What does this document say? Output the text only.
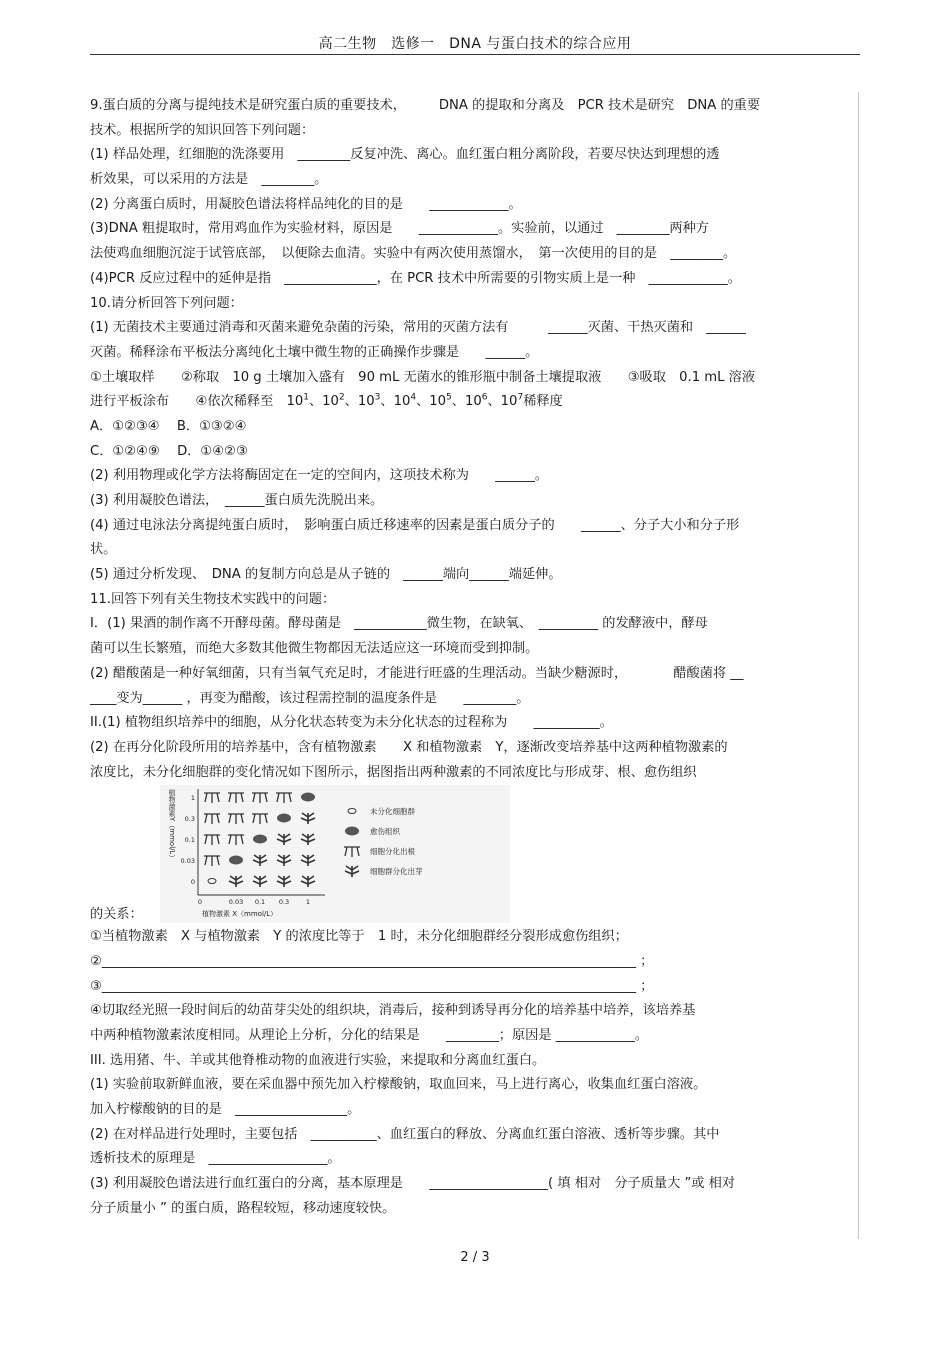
高二生物　选修一　DNA 与蛋白技术的综合应用
9.蛋白质的分离与提纯技术是研究蛋白质的重要技术，　　　DNA 的提取和分离及　PCR 技术是研究　DNA 的重要
技术。根据所学的知识回答下列问题：
(1) 样品处理，红细胞的洗涤要用　________反复冲洗、离心。血红蛋白粗分离阶段，若要尽快达到理想的透
析效果，可以采用的方法是　________。
(2) 分离蛋白质时，用凝胶色谱法将样品纯化的目的是　　____________。
(3)DNA 粗提取时，常用鸡血作为实验材料，原因是　　____________。实验前，以通过　________两种方
法使鸡血细胞沉淀于试管底部，　以便除去血清。实验中有两次使用蒸馏水，　第一次使用的目的是　________。
(4)PCR 反应过程中的延伸是指　______________，在 PCR 技术中所需要的引物实质上是一种　____________。
10.请分析回答下列问题：
(1) 无菌技术主要通过消毒和灭菌来避免杂菌的污染，常用的灭菌方法有　　　______灭菌、干热灭菌和　______
灭菌。稀释涂布平板法分离纯化土壤中微生物的正确操作步骤是　　______。
①土壤取样　　②称取　10 g 土壤加入盛有　90 mL 无菌水的锥形瓶中制备土壤提取液　　③吸取　0.1 mL 溶液
进行平板涂布　　④依次稀释至　$10^1$、$10^2$、$10^3$、$10^4$、$10^5$、$10^6$、$10^7$稀释度
A．①②③④　 B．①③②④
C．①②④⑨　 D．①④②③
(2) 利用物理或化学方法将酶固定在一定的空间内，这项技术称为　　______。
(3) 利用凝胶色谱法，　______蛋白质先洗脱出来。
(4) 通过电泳法分离提纯蛋白质时，　影响蛋白质迁移速率的因素是蛋白质分子的　　______、分子大小和分子形
状。
(5) 通过分析发现、　DNA 的复制方向总是从子链的　______端向______端延伸。
11.回答下列有关生物技术实践中的问题：
I．(1) 果酒的制作离不开酵母菌。酵母菌是　___________微生物，在缺氧、　_________ 的发酵液中，酵母
菌可以生长繁殖，而绝大多数其他微生物都因无法适应这一环境而受到抑制。
(2) 醋酸菌是一种好氧细菌，只有当氧气充足时，才能进行旺盛的生理活动。当缺少糖源时，　　　　醋酸菌将 __
____变为______ ，再变为醋酸，该过程需控制的温度条件是　　________。
II.(1) 植物组织培养中的细胞，从分化状态转变为未分化状态的过程称为　　__________。
(2) 在再分化阶段所用的培养基中，含有植物激素　　X 和植物激素　Y，逐渐改变培养基中这两种植物激素的
浓度比，未分化细胞群的变化情况如下图所示，据图指出两种激素的不同浓度比与形成芽、根、愈伤组织
的关系：
植物激素Y（mmol/L） 1
0.3
0.1
0.03
0
0	0.03 0.1 0.3	1
植物激素 X（mmol/L）
未分化细胞群
愈伤组织
细胞分化出根
细胞群分化出芽
①当植物激素　X 与植物激素　Y 的浓度比等于　1 时，未分化细胞群经分裂形成愈伤组织；
②_________________________________________________________________________________ ；
③_________________________________________________________________________________ ；
④切取经光照一段时间后的幼苗芽尖处的组织块，消毒后，接种到诱导再分化的培养基中培养，该培养基
中两种植物激素浓度相同。从理论上分析，分化的结果是　　________；原因是 ____________。
III. 选用猪、牛、羊或其他脊椎动物的血液进行实验，来提取和分离血红蛋白。
(1) 实验前取新鲜血液，要在采血器中预先加入柠檬酸钠，取血回来，马上进行离心，收集血红蛋白溶液。
加入柠檬酸钠的目的是　_________________。
(2) 在对样品进行处理时，主要包括　__________、血红蛋白的释放、分离血红蛋白溶液、透析等步骤。其中
透析技术的原理是　__________________。
(3) 利用凝胶色谱法进行血红蛋白的分离，基本原理是　　__________________( 填 相对　分子质量大 ”或 相对
分子质量小 ” 的蛋白质，路程较短，移动速度较快。
2 / 3
